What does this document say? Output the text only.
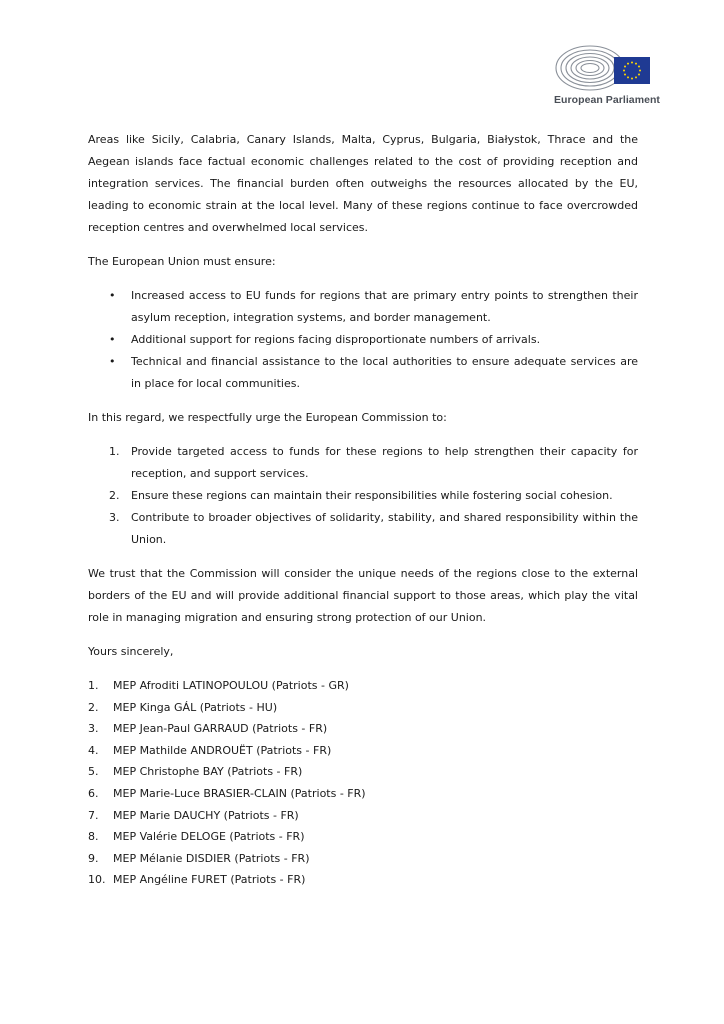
European Parliament

Areas like Sicily, Calabria, Canary Islands, Malta, Cyprus, Bulgaria, Białystok, Thrace and the Aegean islands face factual economic challenges related to the cost of providing reception and integration services. The financial burden often outweighs the resources allocated by the EU, leading to economic strain at the local level. Many of these regions continue to face overcrowded reception centres and overwhelmed local services.

The European Union must ensure:

• Increased access to EU funds for regions that are primary entry points to strengthen their asylum reception, integration systems, and border management.
• Additional support for regions facing disproportionate numbers of arrivals.
• Technical and financial assistance to the local authorities to ensure adequate services are in place for local communities.

In this regard, we respectfully urge the European Commission to:

1. Provide targeted access to funds for these regions to help strengthen their capacity for reception, and support services.
2. Ensure these regions can maintain their responsibilities while fostering social cohesion.
3. Contribute to broader objectives of solidarity, stability, and shared responsibility within the Union.

We trust that the Commission will consider the unique needs of the regions close to the external borders of the EU and will provide additional financial support to those areas, which play the vital role in managing migration and ensuring strong protection of our Union.

Yours sincerely,

1.	MEP Afroditi LATINOPOULOU (Patriots - GR)
2.	MEP Kinga GÁL (Patriots - HU)
3.	MEP Jean-Paul GARRAUD (Patriots - FR)
4.	MEP Mathilde ANDROUËT (Patriots - FR)
5.	MEP Christophe BAY (Patriots - FR)
6.	MEP Marie-Luce BRASIER-CLAIN (Patriots - FR)
7.	MEP Marie DAUCHY (Patriots - FR)
8.	MEP Valérie DELOGE (Patriots - FR)
9.	MEP Mélanie DISDIER (Patriots - FR)
10. MEP Angéline FURET (Patriots - FR)
